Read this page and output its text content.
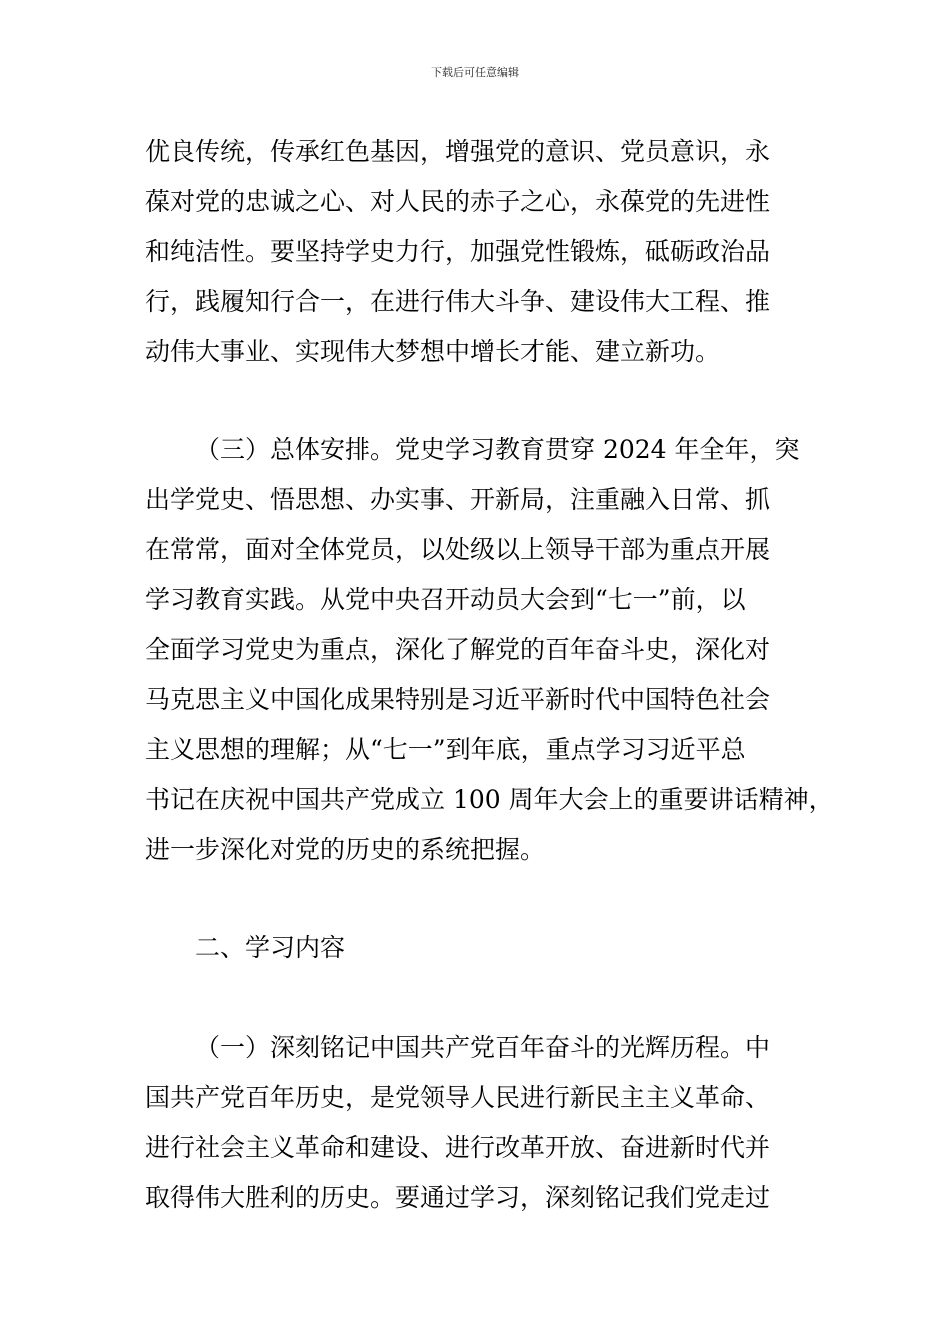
下载后可任意编辑
优良传统，传承红色基因，增强党的意识、党员意识，永
葆对党的忠诚之心、对人民的赤子之心，永葆党的先进性
和纯洁性。要坚持学史力行，加强党性锻炼，砥砺政治品
行，践履知行合一，在进行伟大斗争、建设伟大工程、推
动伟大事业、实现伟大梦想中增长才能、建立新功。
（三）总体安排。党史学习教育贯穿 2024 年全年，突
出学党史、悟思想、办实事、开新局，注重融入日常、抓
在常常，面对全体党员，以处级以上领导干部为重点开展
学习教育实践。从党中央召开动员大会到“七一”前，以
全面学习党史为重点，深化了解党的百年奋斗史，深化对
马克思主义中国化成果特别是习近平新时代中国特色社会
主义思想的理解；从“七一”到年底，重点学习习近平总
书记在庆祝中国共产党成立 100 周年大会上的重要讲话精神，
进一步深化对党的历史的系统把握。
二、学习内容
（一）深刻铭记中国共产党百年奋斗的光辉历程。中
国共产党百年历史，是党领导人民进行新民主主义革命、
进行社会主义革命和建设、进行改革开放、奋进新时代并
取得伟大胜利的历史。要通过学习，深刻铭记我们党走过
